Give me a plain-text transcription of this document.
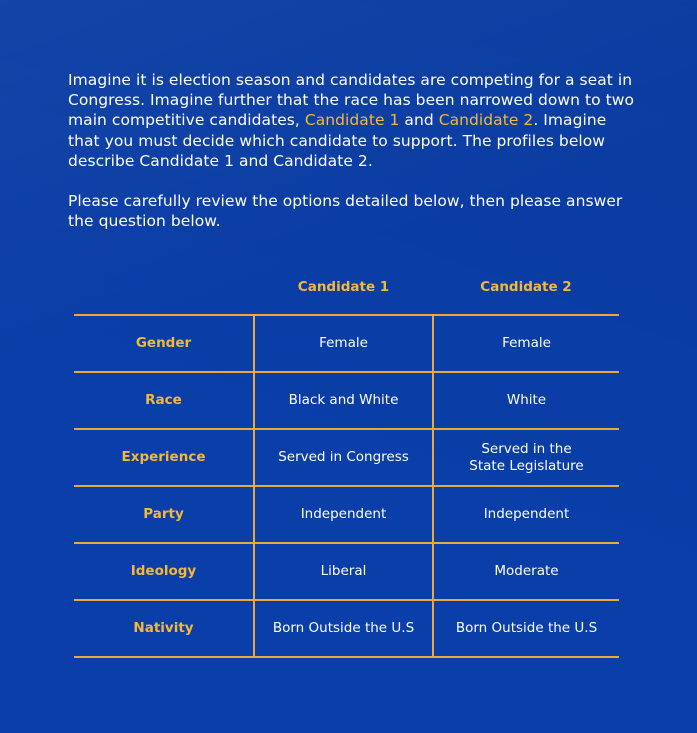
Imagine it is election season and candidates are competing for a seat in Congress. Imagine further that the race has been narrowed down to two main competitive candidates, Candidate 1 and Candidate 2. Imagine that you must decide which candidate to support. The profiles below describe Candidate 1 and Candidate 2.

Please carefully review the options detailed below, then please answer the question below.

	Candidate 1	Candidate 2
Gender	Female	Female
Race	Black and White	White
Experience	Served in Congress	Served in the State Legislature
Party	Independent	Independent
Ideology	Liberal	Moderate
Nativity	Born Outside the U.S	Born Outside the U.S
